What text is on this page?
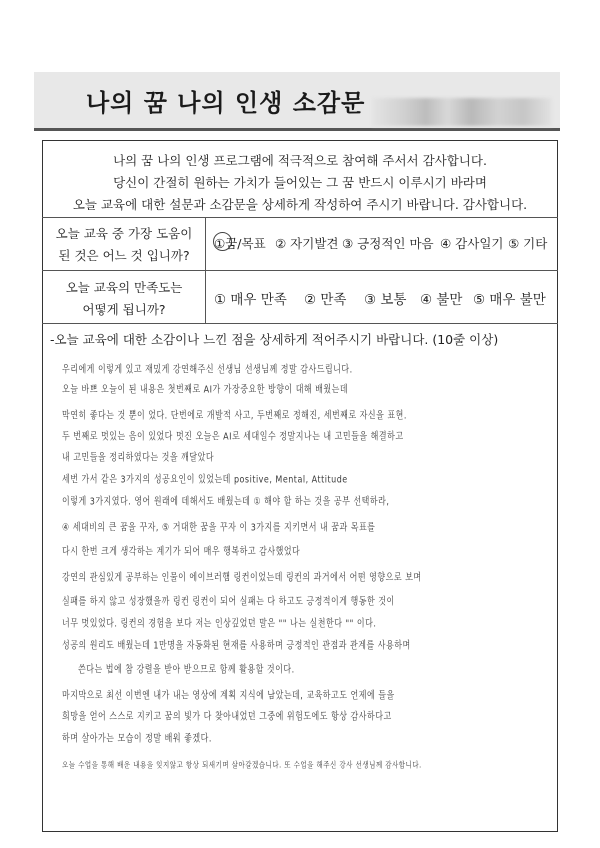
나의 꿈 나의 인생 소감문
나의 꿈 나의 인생 프로그램에 적극적으로 참여해 주서서 감사합니다.
당신이 간절히 원하는 가치가 들어있는 그 꿈 반드시 이루시기 바라며
오늘 교육에 대한 설문과 소감문을 상세하게 작성하여 주시기 바랍니다. 감사합니다.
오늘 교육 중 가장 도움이
된 것은 어느 것 입니까?
①꿈/목표 ② 자기발견 ③ 긍정적인 마음 ④ 감사일기 ⑤ 기타
오늘 교육의 만족도는
어떻게 됩니까?
① 매우 만족 ② 만족 ③ 보통 ④ 불만 ⑤ 매우 불만
-오늘 교육에 대한 소감이나 느낀 점을 상세하게 적어주시기 바랍니다. (10줄 이상)
우리에게 이렇게 있고 재밌게 강연해주신 선생님 선생님께 정말 감사드립니다.
오늘 바쁘 오늘이 된 내용은 첫번째로 AI가 가장중요한 방향이 대해 배웠는데
막연히 좋다는 것 뿐이 었다. 단번에로 개발적 사고, 두번째로 정해진, 세번째로 자신을 표현.
두 번째로 멋있는 음이 있었다 멋진 오늘은 AI로 세대일수 정말지나는 내 고민들을 해결하고
내 고민들을 정리하였다는 것을 깨달았다
세번 가서 같은 3가지의 성공요인이 있었는데 positive, Mental, Attitude
이렇게 3가지였다. 영어 원래에 데해서도 배웠는데 ① 해야 할 하는 것을 공부 선택하라,
④ 세대비의 큰 꿈을 꾸자, ⑤ 거대한 꿈을 꾸자 이 3가지를 지키면서 내 꿈과 목표를
다시 한번 크게 생각하는 계기가 되어 매우 행복하고 감사했었다
강연의 관심있게 공부하는 인물이 에이브러햄 링컨이었는데 링컨의 과거에서 어떤 영향으로 보며
실패를 하지 않고 성장했을까 링컨 링컨이 되어 실패는 다 하고도 긍정적이게 행동한 것이
너무 멋있었다. 링컨의 경험을 보다 저는 인상깊었던 말은 "" 나는 실천한다 "" 이다.
성공의 원리도 배웠는데 1만명을 자동화된 현재를 사용하며 긍정적인 관점과 관계를 사용하며
쓴다는 법에 참 강렬을 받아 받으므로 함께 활용할 것이다.
마지막으로 최선 이번엔 내가 내는 영상에 계획 지식에 남았는데, 교육하고도 언제에 들을
희망을 얻어 스스로 지키고 꿈의 빛가 다 찾아내었던 그중에 위험도에도 항상 감사하다고
하며 살아가는 모습이 정말 배워 좋겠다.
오늘 수업을 통해 배운 내용을 잊지않고 항상 되새기며 살아갈겠습니다. 또 수업을 해주신 강사 선생님께 감사합니다.
